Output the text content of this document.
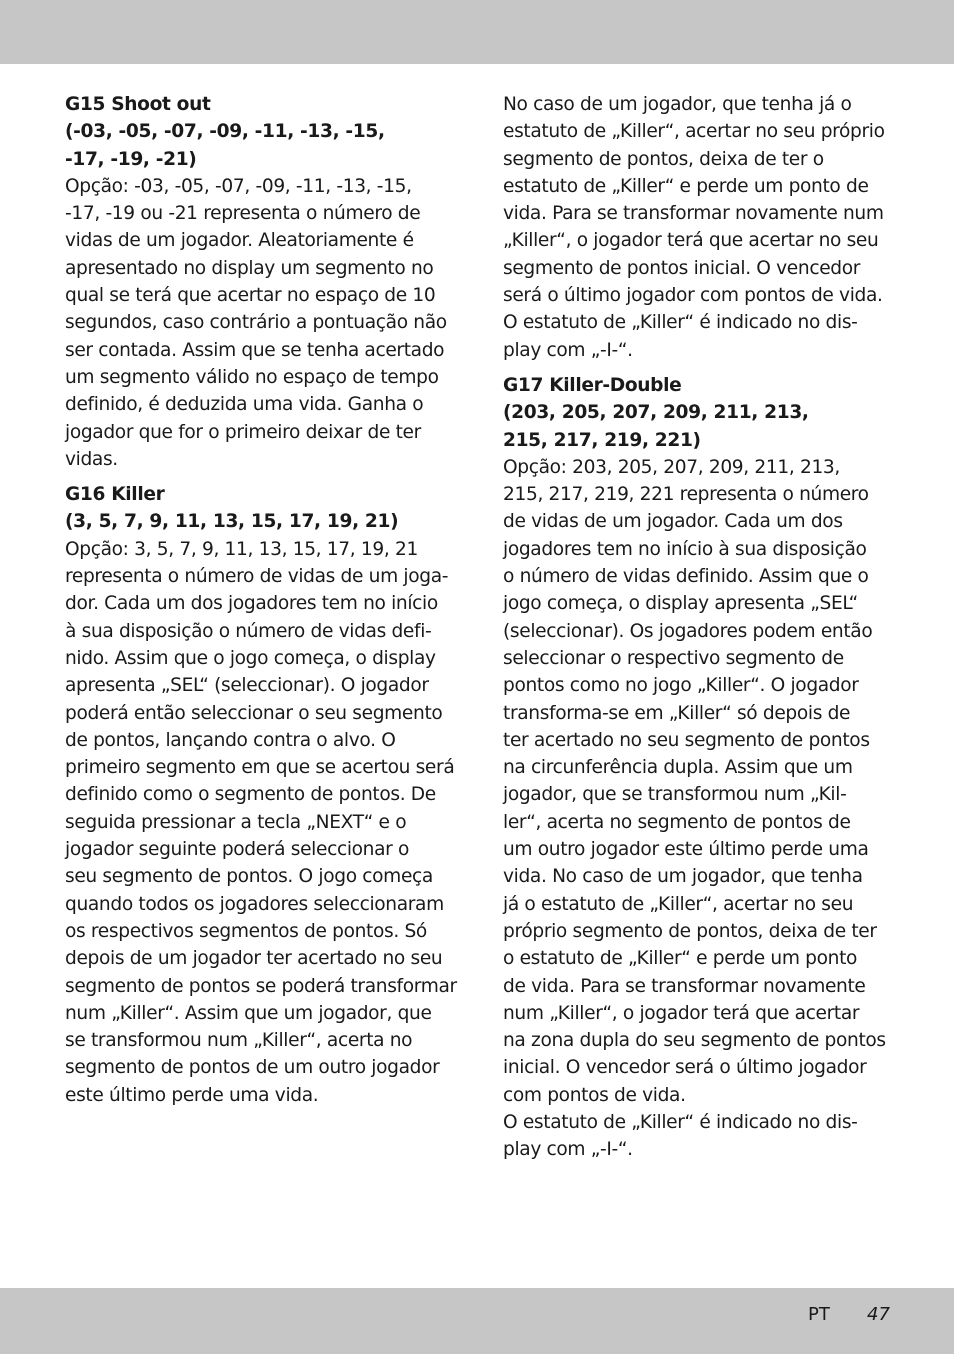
G15 Shoot out
(-03, -05, -07, -09, -11, -13, -15,
-17, -19, -21)
Opção: -03, -05, -07, -09, -11, -13, -15,
-17, -19 ou -21 representa o número de
vidas de um jogador. Aleatoriamente é
apresentado no display um segmento no
qual se terá que acertar no espaço de 10
segundos, caso contrário a pontuação não
ser contada. Assim que se tenha acertado
um segmento válido no espaço de tempo
definido, é deduzida uma vida. Ganha o
jogador que for o primeiro deixar de ter
vidas.
G16 Killer
(3, 5, 7, 9, 11, 13, 15, 17, 19, 21)
Opção: 3, 5, 7, 9, 11, 13, 15, 17, 19, 21
representa o número de vidas de um joga-
dor. Cada um dos jogadores tem no início
à sua disposição o número de vidas defi-
nido. Assim que o jogo começa, o display
apresenta „SEL“ (seleccionar). O jogador
poderá então seleccionar o seu segmento
de pontos, lançando contra o alvo. O
primeiro segmento em que se acertou será
definido como o segmento de pontos. De
seguida pressionar a tecla „NEXT“ e o
jogador seguinte poderá seleccionar o
seu segmento de pontos. O jogo começa
quando todos os jogadores seleccionaram
os respectivos segmentos de pontos. Só
depois de um jogador ter acertado no seu
segmento de pontos se poderá transformar
num „Killer“. Assim que um jogador, que
se transformou num „Killer“, acerta no
segmento de pontos de um outro jogador
este último perde uma vida.
No caso de um jogador, que tenha já o
estatuto de „Killer“, acertar no seu próprio
segmento de pontos, deixa de ter o
estatuto de „Killer“ e perde um ponto de
vida. Para se transformar novamente num
„Killer“, o jogador terá que acertar no seu
segmento de pontos inicial. O vencedor
será o último jogador com pontos de vida.
O estatuto de „Killer“ é indicado no dis-
play com „-I-“.
G17 Killer-Double
(203, 205, 207, 209, 211, 213,
215, 217, 219, 221)
Opção: 203, 205, 207, 209, 211, 213,
215, 217, 219, 221 representa o número
de vidas de um jogador. Cada um dos
jogadores tem no início à sua disposição
o número de vidas definido. Assim que o
jogo começa, o display apresenta „SEL“
(seleccionar). Os jogadores podem então
seleccionar o respectivo segmento de
pontos como no jogo „Killer“. O jogador
transforma-se em „Killer“ só depois de
ter acertado no seu segmento de pontos
na circunferência dupla. Assim que um
jogador, que se transformou num „Kil-
ler“, acerta no segmento de pontos de
um outro jogador este último perde uma
vida. No caso de um jogador, que tenha
já o estatuto de „Killer“, acertar no seu
próprio segmento de pontos, deixa de ter
o estatuto de „Killer“ e perde um ponto
de vida. Para se transformar novamente
num „Killer“, o jogador terá que acertar
na zona dupla do seu segmento de pontos
inicial. O vencedor será o último jogador
com pontos de vida.
O estatuto de „Killer“ é indicado no dis-
play com „-I-“.
PT 47
